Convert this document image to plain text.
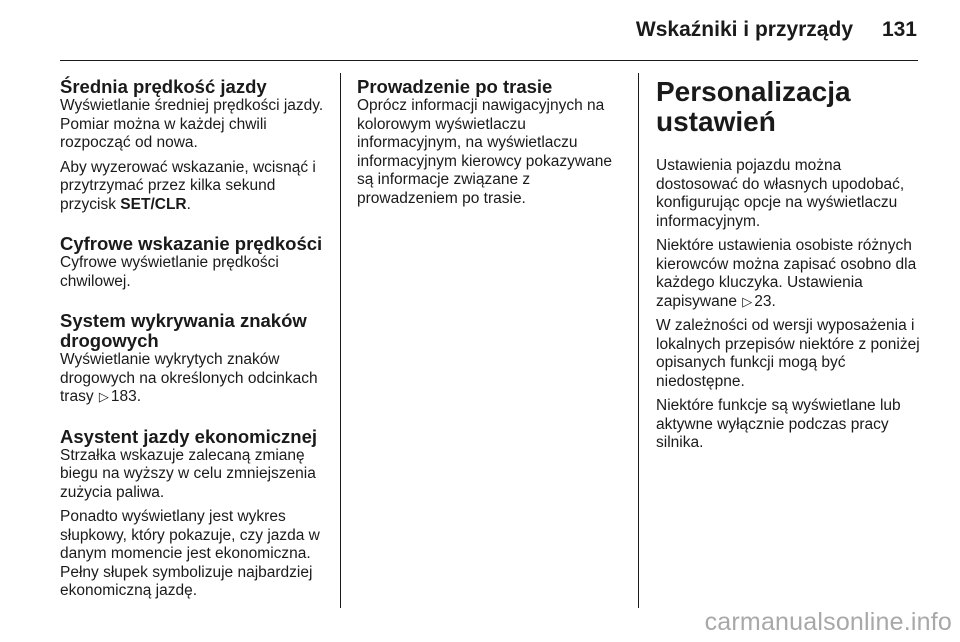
Wskaźniki i przyrządy	131
Średnia prędkość jazdy

Wyświetlanie średniej prędkości jazdy. Pomiar można w każdej chwili rozpocząć od nowa.

Aby wyzerować wskazanie, wcisnąć i przytrzymać przez kilka sekund przycisk SET/CLR.

Cyfrowe wskazanie prędkości

Cyfrowe wyświetlanie prędkości chwilowej.

System wykrywania znaków drogowych

Wyświetlanie wykrytych znaków drogowych na określonych odcinkach trasy ▷ 183.

Asystent jazdy ekonomicznej

Strzałka wskazuje zalecaną zmianę biegu na wyższy w celu zmniejszenia zużycia paliwa.

Ponadto wyświetlany jest wykres słupkowy, który pokazuje, czy jazda w danym momencie jest ekonomiczna. Pełny słupek symbolizuje najbardziej ekonomiczną jazdę.

Prowadzenie po trasie

Oprócz informacji nawigacyjnych na kolorowym wyświetlaczu informacyjnym, na wyświetlaczu informacyjnym kierowcy pokazywane są informacje związane z prowadzeniem po trasie.

Personalizacja ustawień

Ustawienia pojazdu można dostosować do własnych upodobać, konfigurując opcje na wyświetlaczu informacyjnym.

Niektóre ustawienia osobiste różnych kierowców można zapisać osobno dla każdego kluczyka. Ustawienia zapisywane ▷ 23.

W zależności od wersji wyposażenia i lokalnych przepisów niektóre z poniżej opisanych funkcji mogą być niedostępne.

Niektóre funkcje są wyświetlane lub aktywne wyłącznie podczas pracy silnika.

carmanualsonline.info
